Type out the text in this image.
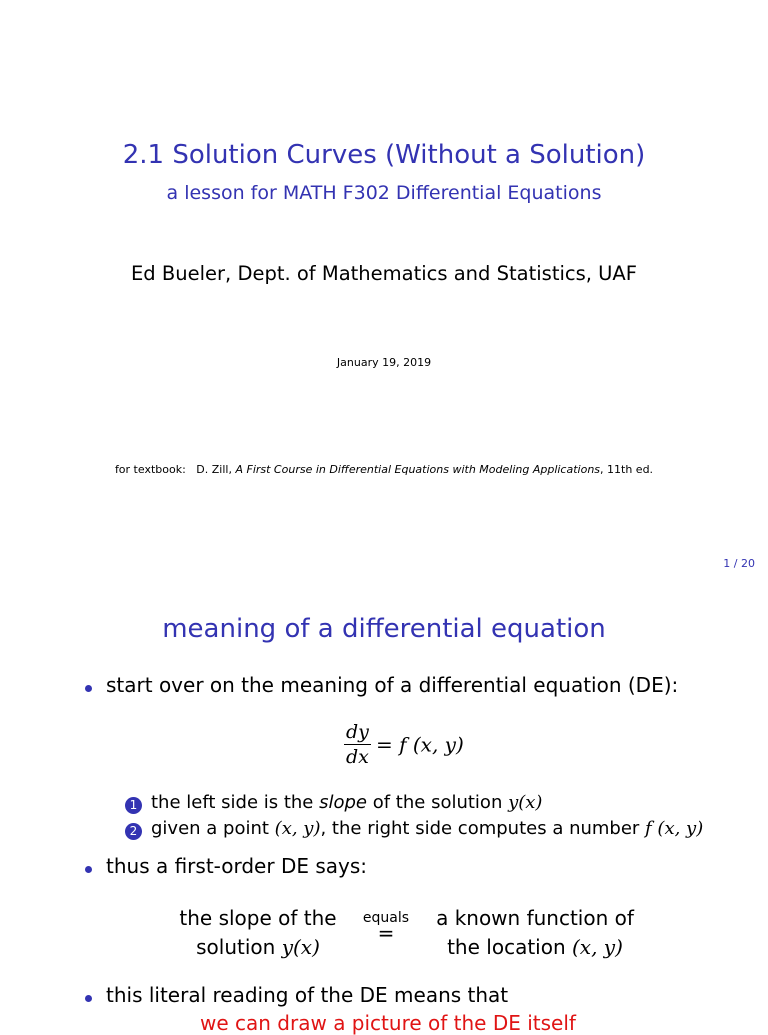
2.1 Solution Curves (Without a Solution)
a lesson for MATH F302 Differential Equations
Ed Bueler, Dept. of Mathematics and Statistics, UAF
January 19, 2019
for textbook: D. Zill, A First Course in Differential Equations with Modeling Applications, 11th ed.
1 / 20
meaning of a differential equation
start over on the meaning of a differential equation (DE):
$\frac{dy}{dx} = f$ (x, y)
1 the left side is the slope of the solution y(x)
2 given a point (x, y), the right side computes a number f (x, y)
thus a first-order DE says:
the slope of the
solution y(x)
equals
=
a known function of
the location (x, y)
this literal reading of the DE means that
we can draw a picture of the DE itself
